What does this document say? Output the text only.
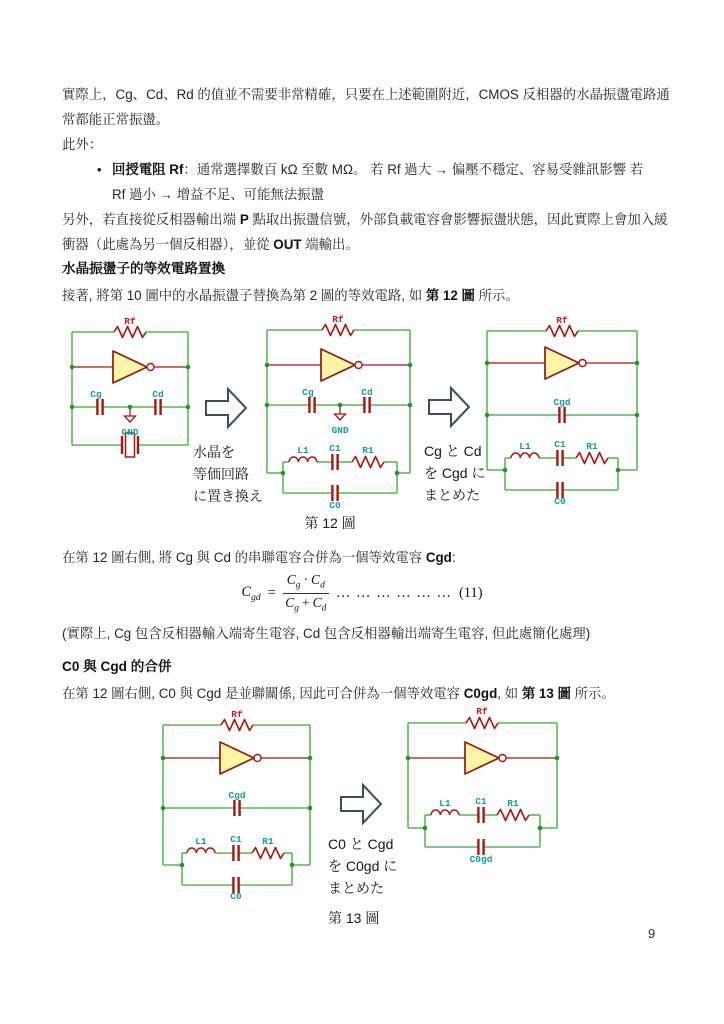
實際上，Cg、Cd、Rd 的值並不需要非常精確，只要在上述範圍附近，CMOS 反相器的水晶振盪電路通
常都能正常振盪。
此外：
• 回授電阻 Rf：通常選擇數百 kΩ 至數 MΩ。 若 Rf 過大 → 偏壓不穩定、容易受雜訊影響 若
Rf 過小 → 增益不足、可能無法振盪
另外，若直接從反相器輸出端 P 點取出振盪信號，外部負載電容會影響振盪狀態，因此實際上會加入緩
衝器（此處為另一個反相器），並從 OUT 端輸出。
水晶振盪子的等效電路置換
接著, 將第 10 圖中的水晶振盪子替換為第 2 圖的等效電路, 如 第 12 圖 所示。
Rf
Cg	Cd
GND
水晶を
等価回路
に置き換え
Rf
Cg	Cd
GND
L1 C1 R1
C0
Cg と Cd
を Cgd に
まとめた
Rf
Cgd
L1 C1 R1
C0
第 12 圖
在第 12 圖右側, 將 Cg 與 Cd 的串聯電容合併為一個等效電容 Cgd:
$C_{gd} = \frac{C_g \cdot C_d}{C_g + C_d}$ … … … … … … (11)
(實際上, Cg 包含反相器輸入端寄生電容, Cd 包含反相器輸出端寄生電容, 但此處簡化處理)
C0 與 Cgd 的合併
在第 12 圖右側, C0 與 Cgd 是並聯關係, 因此可合併為一個等效電容 C0gd, 如 第 13 圖 所示。
Rf
Cgd
L1 C1 R1
C0
C0 と Cgd
を C0gd に
まとめた
Rf
L1	C1 R1
C0gd
第 13 圖
9
